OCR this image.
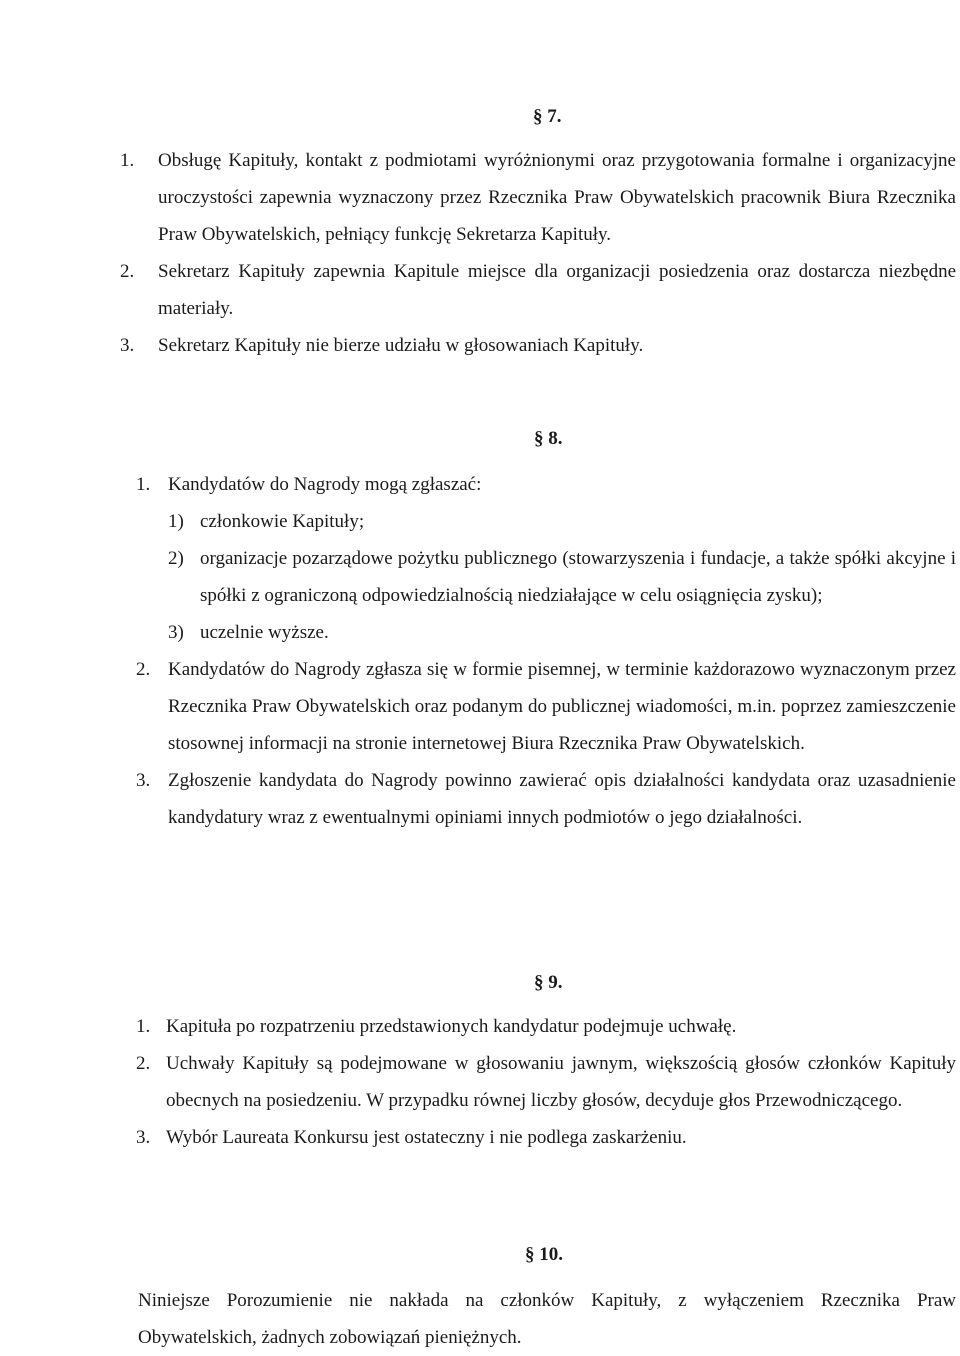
§ 7.
1. Obsługę Kapituły, kontakt z podmiotami wyróżnionymi oraz przygotowania formalne i organizacyjne uroczystości zapewnia wyznaczony przez Rzecznika Praw Obywatelskich pracownik Biura Rzecznika Praw Obywatelskich, pełniący funkcję Sekretarza Kapituły.
2. Sekretarz Kapituły zapewnia Kapitule miejsce dla organizacji posiedzenia oraz dostarcza niezbędne materiały.
3. Sekretarz Kapituły nie bierze udziału w głosowaniach Kapituły.
§ 8.
1. Kandydatów do Nagrody mogą zgłaszać:
1) członkowie Kapituły;
2) organizacje pozarządowe pożytku publicznego (stowarzyszenia i fundacje, a także spółki akcyjne i spółki z ograniczoną odpowiedzialnością niedziałające w celu osiągnięcia zysku);
3) uczelnie wyższe.
2. Kandydatów do Nagrody zgłasza się w formie pisemnej, w terminie każdorazowo wyznaczonym przez Rzecznika Praw Obywatelskich oraz podanym do publicznej wiadomości, m.in. poprzez zamieszczenie stosownej informacji na stronie internetowej Biura Rzecznika Praw Obywatelskich.
3. Zgłoszenie kandydata do Nagrody powinno zawierać opis działalności kandydata oraz uzasadnienie kandydatury wraz z ewentualnymi opiniami innych podmiotów o jego działalności.
§ 9.
1. Kapituła po rozpatrzeniu przedstawionych kandydatur podejmuje uchwałę.
2. Uchwały Kapituły są podejmowane w głosowaniu jawnym, większością głosów członków Kapituły obecnych na posiedzeniu. W przypadku równej liczby głosów, decyduje głos Przewodniczącego.
3. Wybór Laureata Konkursu jest ostateczny i nie podlega zaskarżeniu.
§ 10.
Niniejsze Porozumienie nie nakłada na członków Kapituły, z wyłączeniem Rzecznika Praw Obywatelskich, żadnych zobowiązań pieniężnych.
